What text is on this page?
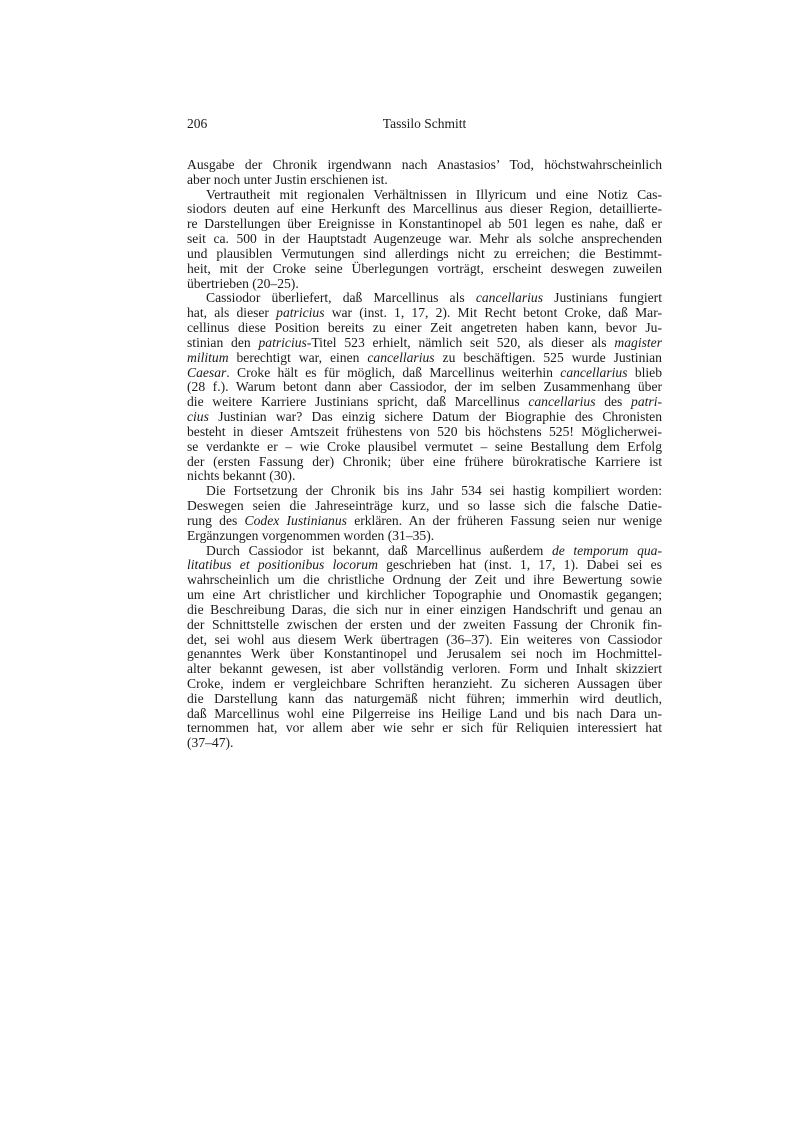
206	Tassilo Schmitt
Ausgabe der Chronik irgendwann nach Anastasios’ Tod, höchstwahrscheinlich
aber noch unter Justin erschienen ist.
Vertrautheit mit regionalen Verhältnissen in Illyricum und eine Notiz Cas-
siodors deuten auf eine Herkunft des Marcellinus aus dieser Region, detaillierte-
re Darstellungen über Ereignisse in Konstantinopel ab 501 legen es nahe, daß er
seit ca. 500 in der Hauptstadt Augenzeuge war. Mehr als solche ansprechenden
und plausiblen Vermutungen sind allerdings nicht zu erreichen; die Bestimmt-
heit, mit der Croke seine Überlegungen vorträgt, erscheint deswegen zuweilen
übertrieben (20–25).
Cassiodor überliefert, daß Marcellinus als cancellarius Justinians fungiert
hat, als dieser patricius war (inst. 1, 17, 2). Mit Recht betont Croke, daß Mar-
cellinus diese Position bereits zu einer Zeit angetreten haben kann, bevor Ju-
stinian den patricius-Titel 523 erhielt, nämlich seit 520, als dieser als magister
militum berechtigt war, einen cancellarius zu beschäftigen. 525 wurde Justinian
Caesar. Croke hält es für möglich, daß Marcellinus weiterhin cancellarius blieb
(28 f.). Warum betont dann aber Cassiodor, der im selben Zusammenhang über
die weitere Karriere Justinians spricht, daß Marcellinus cancellarius des patri-
cius Justinian war? Das einzig sichere Datum der Biographie des Chronisten
besteht in dieser Amtszeit frühestens von 520 bis höchstens 525! Möglicherwei-
se verdankte er – wie Croke plausibel vermutet – seine Bestallung dem Erfolg
der (ersten Fassung der) Chronik; über eine frühere bürokratische Karriere ist
nichts bekannt (30).
Die Fortsetzung der Chronik bis ins Jahr 534 sei hastig kompiliert worden:
Deswegen seien die Jahreseinträge kurz, und so lasse sich die falsche Datie-
rung des Codex Iustinianus erklären. An der früheren Fassung seien nur wenige
Ergänzungen vorgenommen worden (31–35).
Durch Cassiodor ist bekannt, daß Marcellinus außerdem de temporum qua-
litatibus et positionibus locorum geschrieben hat (inst. 1, 17, 1). Dabei sei es
wahrscheinlich um die christliche Ordnung der Zeit und ihre Bewertung sowie
um eine Art christlicher und kirchlicher Topographie und Onomastik gegangen;
die Beschreibung Daras, die sich nur in einer einzigen Handschrift und genau an
der Schnittstelle zwischen der ersten und der zweiten Fassung der Chronik fin-
det, sei wohl aus diesem Werk übertragen (36–37). Ein weiteres von Cassiodor
genanntes Werk über Konstantinopel und Jerusalem sei noch im Hochmittel-
alter bekannt gewesen, ist aber vollständig verloren. Form und Inhalt skizziert
Croke, indem er vergleichbare Schriften heranzieht. Zu sicheren Aussagen über
die Darstellung kann das naturgemäß nicht führen; immerhin wird deutlich,
daß Marcellinus wohl eine Pilgerreise ins Heilige Land und bis nach Dara un-
ternommen hat, vor allem aber wie sehr er sich für Reliquien interessiert hat
(37–47).
